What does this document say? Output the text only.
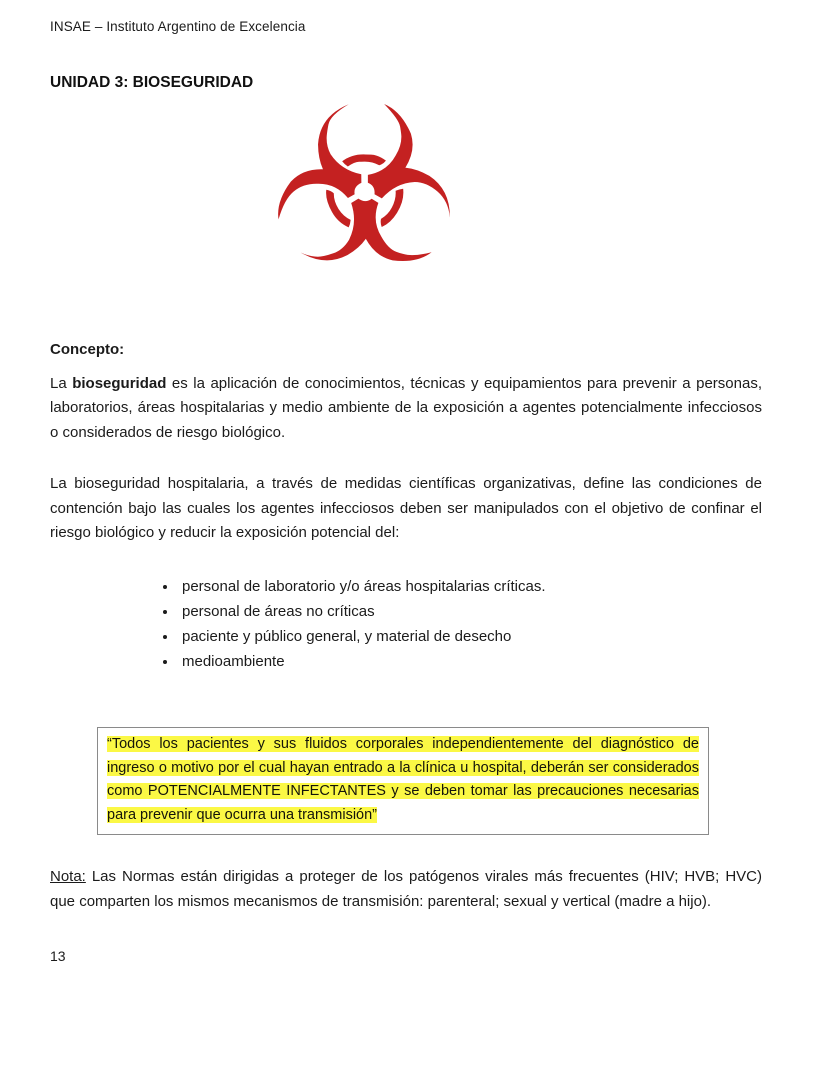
INSAE – Instituto Argentino de Excelencia
UNIDAD 3: BIOSEGURIDAD ☣
Concepto:

La bioseguridad es la aplicación de conocimientos, técnicas y equipamientos para prevenir a personas, laboratorios, áreas hospitalarias y medio ambiente de la exposición a agentes potencialmente infecciosos o considerados de riesgo biológico.

La bioseguridad hospitalaria, a través de medidas científicas organizativas, define las condiciones de contención bajo las cuales los agentes infecciosos deben ser manipulados con el objetivo de confinar el riesgo biológico y reducir la exposición potencial del:

• personal de laboratorio y/o áreas hospitalarias críticas.
• personal de áreas no críticas
• paciente y público general, y material de desecho
• medioambiente
“Todos los pacientes y sus fluidos corporales independientemente del diagnóstico de ingreso o motivo por el cual hayan entrado a la clínica u hospital, deberán ser considerados como POTENCIALMENTE INFECTANTES y se deben tomar las precauciones necesarias para prevenir que ocurra una transmisión”

Nota: Las Normas están dirigidas a proteger de los patógenos virales más frecuentes (HIV; HVB; HVC) que comparten los mismos mecanismos de transmisión: parenteral; sexual y vertical (madre a hijo).

13
